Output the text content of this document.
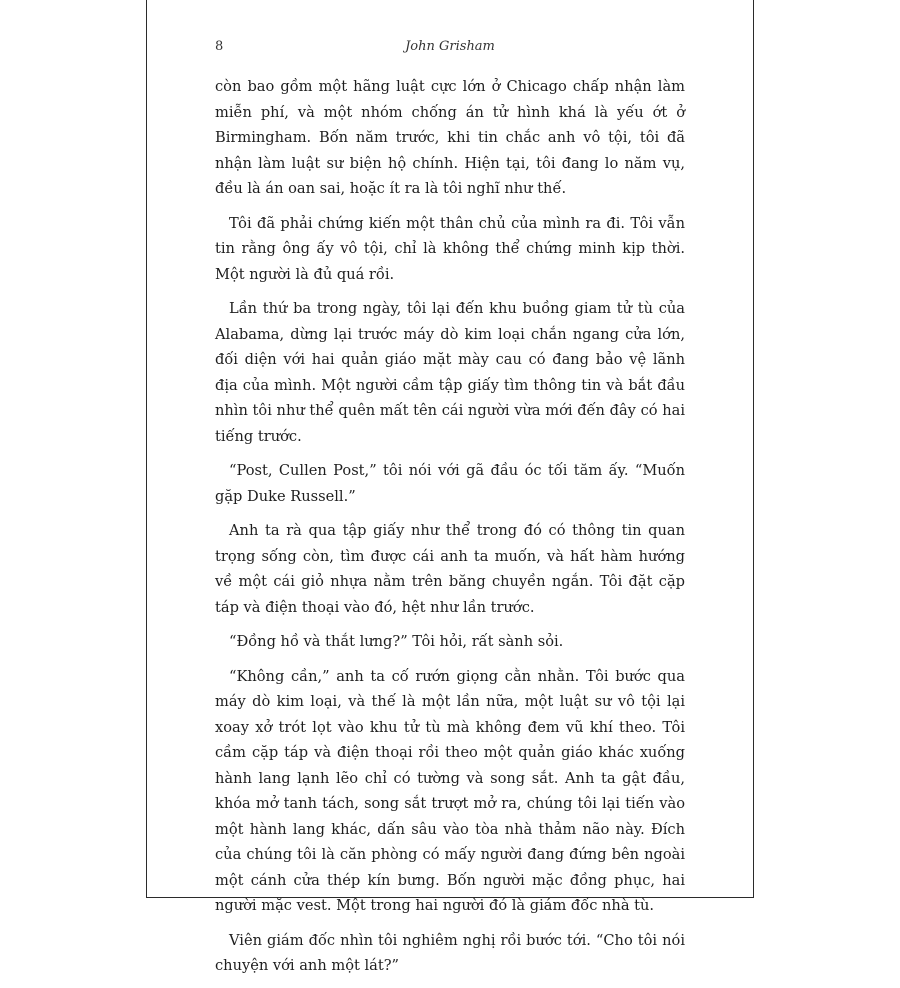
8	John Grisham

còn bao gồm một hãng luật cực lớn ở Chicago chấp nhận làm miễn phí, và một nhóm chống án tử hình khá là yếu ớt ở Birmingham. Bốn năm trước, khi tin chắc anh vô tội, tôi đã nhận làm luật sư biện hộ chính. Hiện tại, tôi đang lo năm vụ, đều là án oan sai, hoặc ít ra là tôi nghĩ như thế.

Tôi đã phải chứng kiến một thân chủ của mình ra đi. Tôi vẫn tin rằng ông ấy vô tội, chỉ là không thể chứng minh kịp thời. Một người là đủ quá rồi.

Lần thứ ba trong ngày, tôi lại đến khu buồng giam tử tù của Alabama, dừng lại trước máy dò kim loại chắn ngang cửa lớn, đối diện với hai quản giáo mặt mày cau có đang bảo vệ lãnh địa của mình. Một người cầm tập giấy tìm thông tin và bắt đầu nhìn tôi như thể quên mất tên cái người vừa mới đến đây có hai tiếng trước.

“Post, Cullen Post,” tôi nói với gã đầu óc tối tăm ấy. “Muốn gặp Duke Russell.”

Anh ta rà qua tập giấy như thể trong đó có thông tin quan trọng sống còn, tìm được cái anh ta muốn, và hất hàm hướng về một cái giỏ nhựa nằm trên băng chuyền ngắn. Tôi đặt cặp táp và điện thoại vào đó, hệt như lần trước.

“Đồng hồ và thắt lưng?” Tôi hỏi, rất sành sỏi.

“Không cần,” anh ta cố rướn giọng cằn nhằn. Tôi bước qua máy dò kim loại, và thế là một lần nữa, một luật sư vô tội lại xoay xở trót lọt vào khu tử tù mà không đem vũ khí theo. Tôi cầm cặp táp và điện thoại rồi theo một quản giáo khác xuống hành lang lạnh lẽo chỉ có tường và song sắt. Anh ta gật đầu, khóa mở tanh tách, song sắt trượt mở ra, chúng tôi lại tiến vào một hành lang khác, dấn sâu vào tòa nhà thảm não này. Đích của chúng tôi là căn phòng có mấy người đang đứng bên ngoài một cánh cửa thép kín bưng. Bốn người mặc đồng phục, hai người mặc vest. Một trong hai người đó là giám đốc nhà tù.

Viên giám đốc nhìn tôi nghiêm nghị rồi bước tới. “Cho tôi nói chuyện với anh một lát?”
